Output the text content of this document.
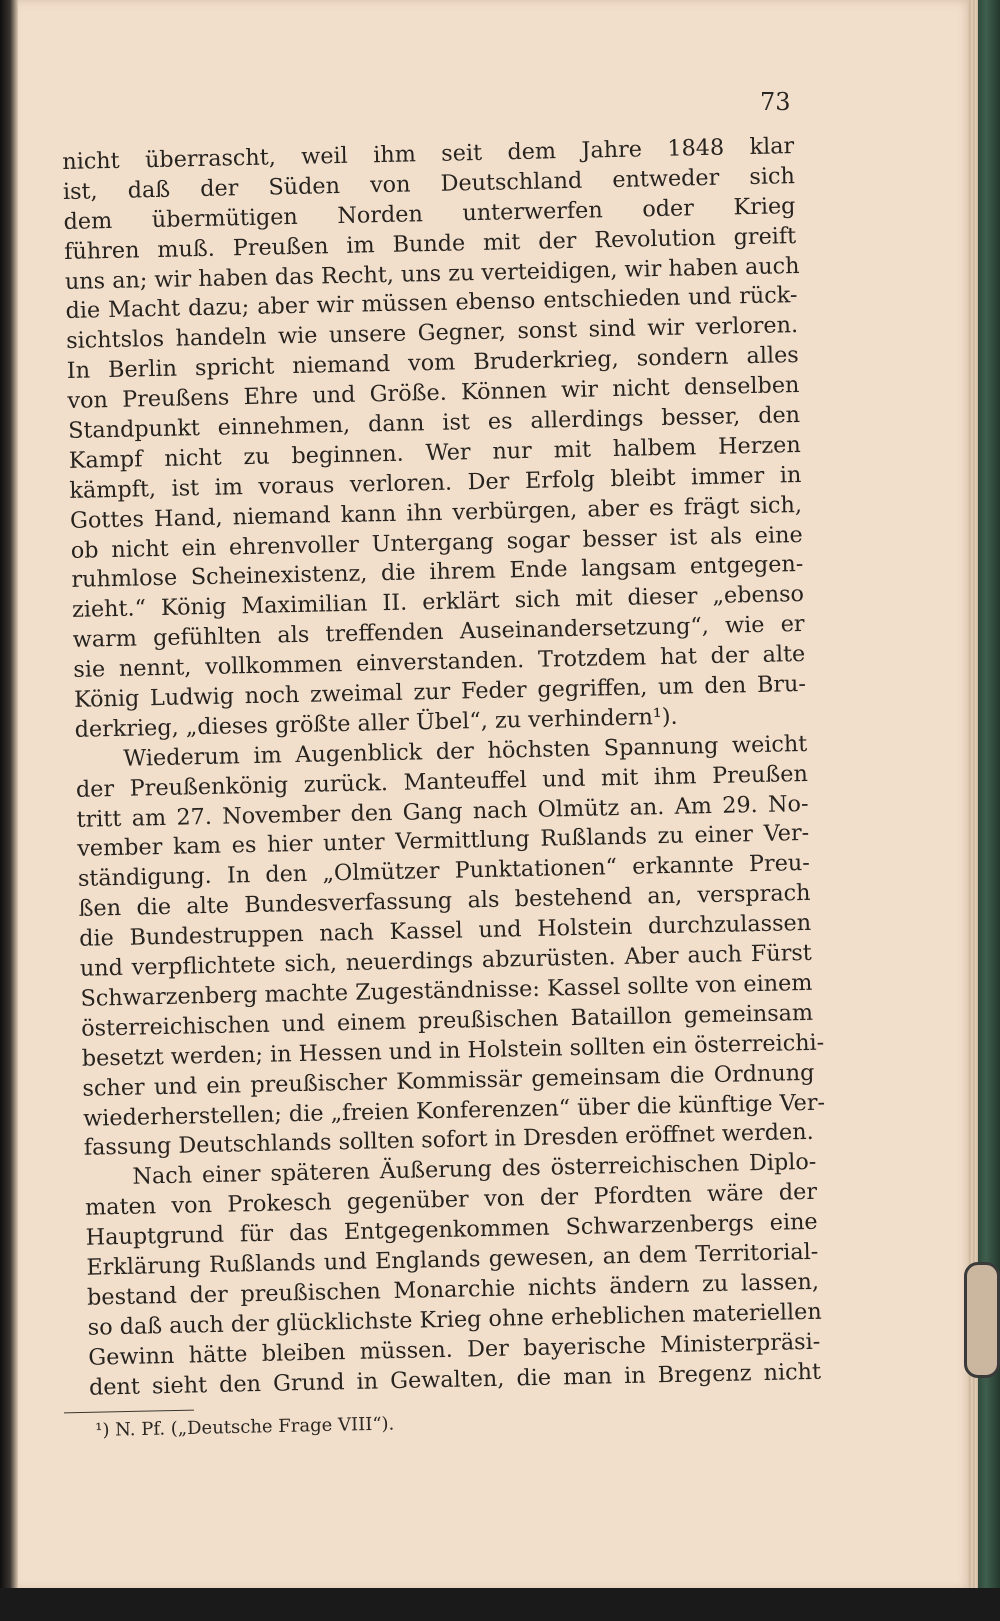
73
nicht überrascht, weil ihm seit dem Jahre 1848 klar
ist, daß der Süden von Deutschland entweder sich
dem übermütigen Norden unterwerfen oder Krieg
führen muß. Preußen im Bunde mit der Revolution greift
uns an; wir haben das Recht, uns zu verteidigen, wir haben auch
die Macht dazu; aber wir müssen ebenso entschieden und rück-
sichtslos handeln wie unsere Gegner, sonst sind wir verloren.
In Berlin spricht niemand vom Bruderkrieg, sondern alles
von Preußens Ehre und Größe. Können wir nicht denselben
Standpunkt einnehmen, dann ist es allerdings besser, den
Kampf nicht zu beginnen. Wer nur mit halbem Herzen
kämpft, ist im voraus verloren. Der Erfolg bleibt immer in
Gottes Hand, niemand kann ihn verbürgen, aber es frägt sich,
ob nicht ein ehrenvoller Untergang sogar besser ist als eine
ruhmlose Scheinexistenz, die ihrem Ende langsam entgegen-
zieht.“ König Maximilian II. erklärt sich mit dieser „ebenso
warm gefühlten als treffenden Auseinandersetzung“, wie er
sie nennt, vollkommen einverstanden. Trotzdem hat der alte
König Ludwig noch zweimal zur Feder gegriffen, um den Bru-
derkrieg, „dieses größte aller Übel“, zu verhindern¹).
Wiederum im Augenblick der höchsten Spannung weicht
der Preußenkönig zurück. Manteuffel und mit ihm Preußen
tritt am 27. November den Gang nach Olmütz an. Am 29. No-
vember kam es hier unter Vermittlung Rußlands zu einer Ver-
ständigung. In den „Olmützer Punktationen“ erkannte Preu-
ßen die alte Bundesverfassung als bestehend an, versprach
die Bundestruppen nach Kassel und Holstein durchzulassen
und verpflichtete sich, neuerdings abzurüsten. Aber auch Fürst
Schwarzenberg machte Zugeständnisse: Kassel sollte von einem
österreichischen und einem preußischen Bataillon gemeinsam
besetzt werden; in Hessen und in Holstein sollten ein österreichi-
scher und ein preußischer Kommissär gemeinsam die Ordnung
wiederherstellen; die „freien Konferenzen“ über die künftige Ver-
fassung Deutschlands sollten sofort in Dresden eröffnet werden.
Nach einer späteren Äußerung des österreichischen Diplo-
maten von Prokesch gegenüber von der Pfordten wäre der
Hauptgrund für das Entgegenkommen Schwarzenbergs eine
Erklärung Rußlands und Englands gewesen, an dem Territorial-
bestand der preußischen Monarchie nichts ändern zu lassen,
so daß auch der glücklichste Krieg ohne erheblichen materiellen
Gewinn hätte bleiben müssen. Der bayerische Ministerpräsi-
dent sieht den Grund in Gewalten, die man in Bregenz nicht
¹) N. Pf. („Deutsche Frage VIII“).
